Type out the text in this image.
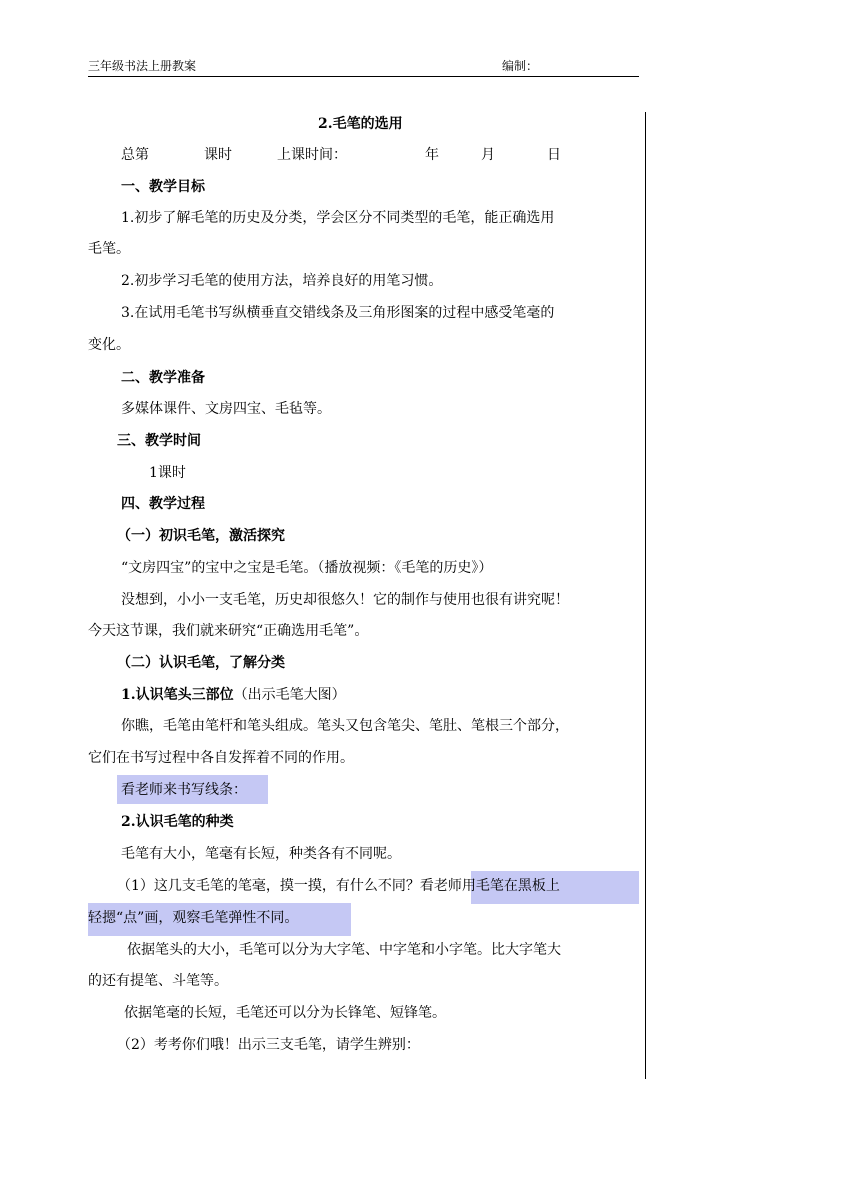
三年级书法上册教案	编制：
2.毛笔的选用
总第	课时	上课时间：	年	月	日
一、教学目标
1.初步了解毛笔的历史及分类，学会区分不同类型的毛笔，能正确选用
毛笔。
2.初步学习毛笔的使用方法，培养良好的用笔习惯。
3.在试用毛笔书写纵横垂直交错线条及三角形图案的过程中感受笔毫的
变化。
二、教学准备
多媒体课件、文房四宝、毛毡等。
三、教学时间
1课时
四、教学过程
（一）初识毛笔，激活探究
“文房四宝”的宝中之宝是毛笔。（播放视频：《毛笔的历史》）
没想到，小小一支毛笔，历史却很悠久！它的制作与使用也很有讲究呢！
今天这节课，我们就来研究“正确选用毛笔”。
（二）认识毛笔，了解分类
1.认识笔头三部位（出示毛笔大图）
你瞧，毛笔由笔杆和笔头组成。笔头又包含笔尖、笔肚、笔根三个部分，
它们在书写过程中各自发挥着不同的作用。
看老师来书写线条：
2.认识毛笔的种类
毛笔有大小，笔毫有长短，种类各有不同呢。
（1）这几支毛笔的笔毫，摸一摸，有什么不同？看老师用毛笔在黑板上
轻摁“点”画，观察毛笔弹性不同。
依据笔头的大小，毛笔可以分为大字笔、中字笔和小字笔。比大字笔大
的还有提笔、斗笔等。
依据笔毫的长短，毛笔还可以分为长锋笔、短锋笔。
（2）考考你们哦！出示三支毛笔，请学生辨别：
